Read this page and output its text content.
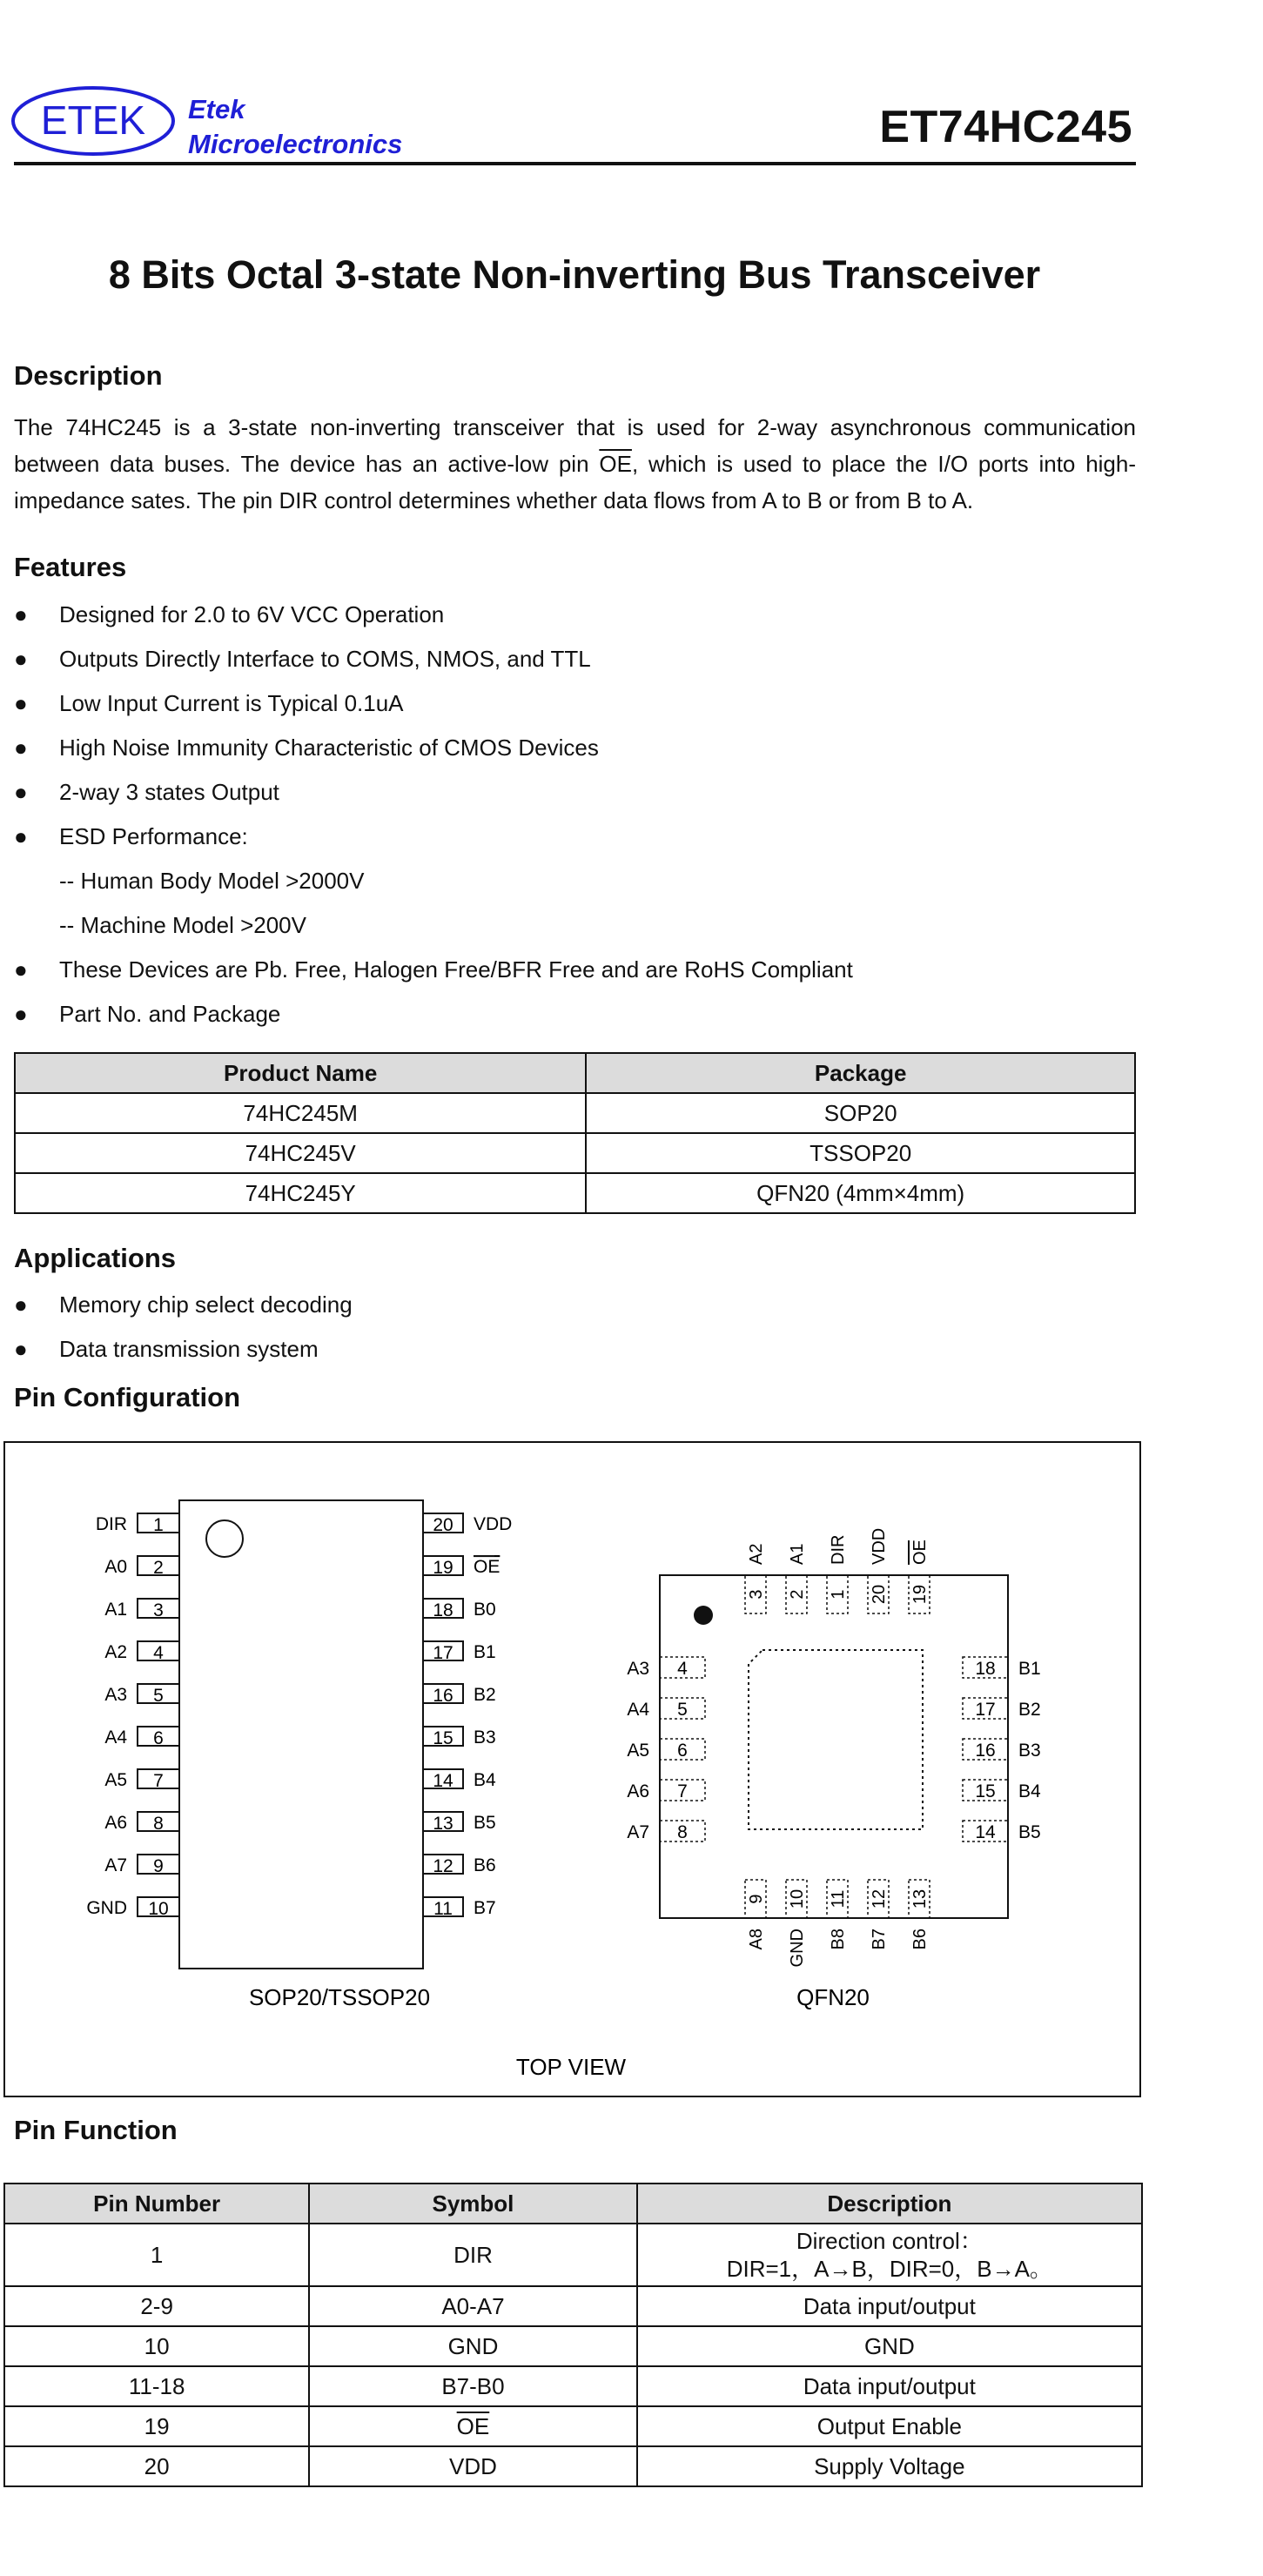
ETEK Etek
Microelectronics	ET74HC245
8 Bits Octal 3-state Non-inverting Bus Transceiver
Description
The 74HC245 is a 3-state non-inverting transceiver that is used for 2-way asynchronous communication between data buses. The device has an active-low pin $\overline{OE}$, which is used to place the I/O ports into high-impedance sates. The pin DIR control determines whether data flows from A to B or from B to A.
Features
● Designed for 2.0 to 6V VCC Operation
● Outputs Directly Interface to COMS, NMOS, and TTL
● Low Input Current is Typical 0.1uA
● High Noise Immunity Characteristic of CMOS Devices
● 2-way 3 states Output
● ESD Performance:
-- Human Body Model >2000V
-- Machine Model >200V
● These Devices are Pb. Free, Halogen Free/BFR Free and are RoHS Compliant
● Part No. and Package
Product Name	Package
74HC245M	SOP20
74HC245V	TSSOP20
74HC245Y	QFN20 (4mm×4mm)
Applications
● Memory chip select decoding
● Data transmission system
Pin Configuration
1
DIR
2
A0
3
A1
4
A2
5
A3
6
A4
7
A5
8
A6
9
A7
10
GND
20 VDD
19 OE
18 B0
17 B1
16 B2
15 B3
14 B4
13 B5
12 B6
11 B7
SOP20/TSSOP20
3
A2
2
A1
1
DIR
20
VDD
19
OE
9
A8
10
GND
11
B8
12
B7
13
B6
4
A3
5
A4
6
A5
7
A6
8
A7
18 B1
17 B2
16 B3
15 B4
14 B5
QFN20
TOP VIEW
Pin Function
Pin Number	Symbol	Description
1	DIR	Direction control：
DIR=1，A→B，DIR=0，B→A。

2-9	A0-A7	Data input/output
10	GND	GND
11-18	B7-B0	Data input/output
19	$\overline{OE}$	Output Enable
20	VDD	Supply Voltage
